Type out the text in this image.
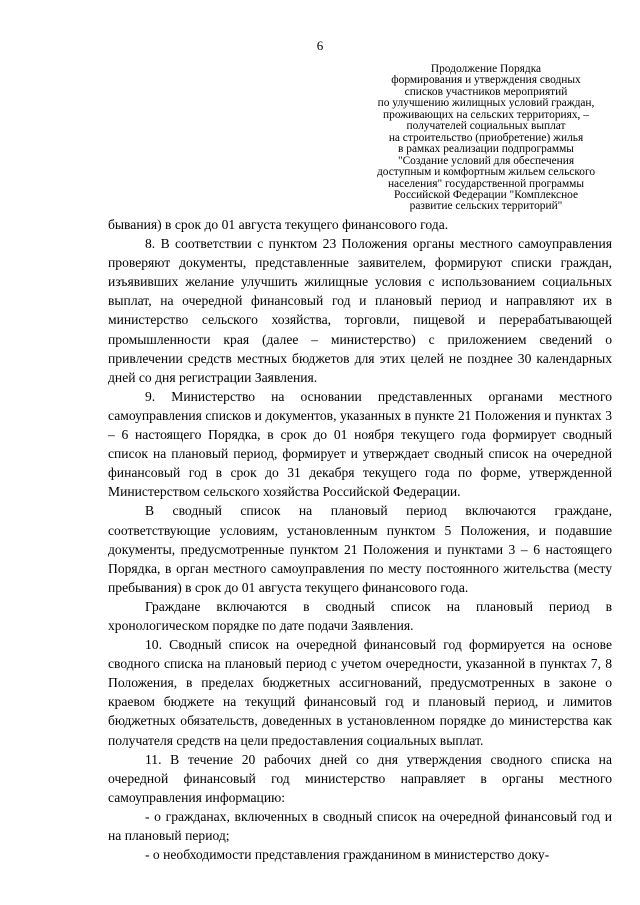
6
Продолжение Порядка
формирования и утверждения сводных
списков участников мероприятий
по улучшению жилищных условий граждан,
проживающих на сельских территориях, –
получателей социальных выплат
на строительство (приобретение) жилья
в рамках реализации подпрограммы
"Создание условий для обеспечения
доступным и комфортным жильем сельского
населения" государственной программы
Российской Федерации "Комплексное
развитие сельских территорий"

бывания) в срок до 01 августа текущего финансового года.

8. В соответствии с пунктом 23 Положения органы местного самоуправления проверяют документы, представленные заявителем, формируют списки граждан, изъявивших желание улучшить жилищные условия с использованием социальных выплат, на очередной финансовый год и плановый период и направляют их в министерство сельского хозяйства, торговли, пищевой и перерабатывающей промышленности края (далее – министерство) с приложением сведений о привлечении средств местных бюджетов для этих целей не позднее 30 календарных дней со дня регистрации Заявления.

9. Министерство на основании представленных органами местного самоуправления списков и документов, указанных в пункте 21 Положения и пунктах 3 – 6 настоящего Порядка, в срок до 01 ноября текущего года формирует сводный список на плановый период, формирует и утверждает сводный список на очередной финансовый год в срок до 31 декабря текущего года по форме, утвержденной Министерством сельского хозяйства Российской Федерации.

В сводный список на плановый период включаются граждане, соответствующие условиям, установленным пунктом 5 Положения, и подавшие документы, предусмотренные пунктом 21 Положения и пунктами 3 – 6 настоящего Порядка, в орган местного самоуправления по месту постоянного жительства (месту пребывания) в срок до 01 августа текущего финансового года.

Граждане включаются в сводный список на плановый период в хронологическом порядке по дате подачи Заявления.

10. Сводный список на очередной финансовый год формируется на основе сводного списка на плановый период с учетом очередности, указанной в пунктах 7, 8 Положения, в пределах бюджетных ассигнований, предусмотренных в законе о краевом бюджете на текущий финансовый год и плановый период, и лимитов бюджетных обязательств, доведенных в установленном порядке до министерства как получателя средств на цели предоставления социальных выплат.

11. В течение 20 рабочих дней со дня утверждения сводного списка на очередной финансовый год министерство направляет в органы местного самоуправления информацию:

- о гражданах, включенных в сводный список на очередной финансовый год и на плановый период;

- о необходимости представления гражданином в министерство доку-
